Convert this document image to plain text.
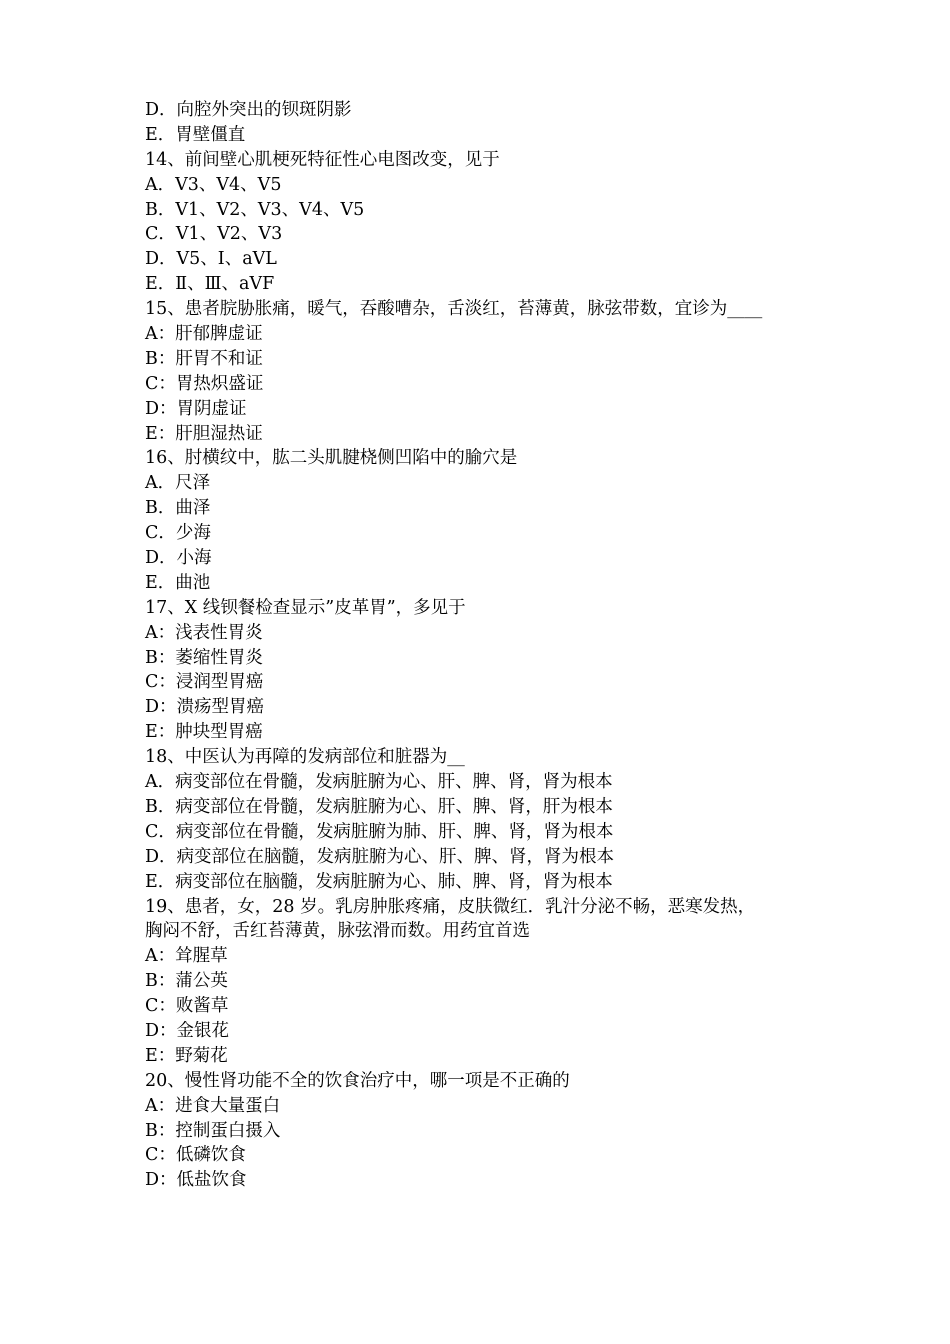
D．向腔外突出的钡斑阴影
E．胃壁僵直
14、前间壁心肌梗死特征性心电图改变，见于
A．Ⅴ3、Ⅴ4、Ⅴ5
B．Ⅴ1、Ⅴ2、Ⅴ3、Ⅴ4、Ⅴ5
C．Ⅴ1、Ⅴ2、Ⅴ3
D．Ⅴ5、Ⅰ、aⅤL
E．Ⅱ、Ⅲ、aⅤF
15、患者脘胁胀痛，暖气，吞酸嘈杂，舌淡红，苔薄黄，脉弦带数，宜诊为____
A：肝郁脾虚证
B：肝胃不和证
C：胃热炽盛证
D：胃阴虚证
E：肝胆湿热证
16、肘横纹中，肱二头肌腱桡侧凹陷中的腧穴是
A．尺泽
B．曲泽
C．少海
D．小海
E．曲池
17、X 线钡餐检查显示”皮革胃”，多见于
A：浅表性胃炎
B：萎缩性胃炎
C：浸润型胃癌
D：溃疡型胃癌
E：肿块型胃癌
18、中医认为再障的发病部位和脏器为__
A．病变部位在骨髓，发病脏腑为心、肝、脾、肾，肾为根本
B．病变部位在骨髓，发病脏腑为心、肝、脾、肾，肝为根本
C．病变部位在骨髓，发病脏腑为肺、肝、脾、肾，肾为根本
D．病变部位在脑髓，发病脏腑为心、肝、脾、肾，肾为根本
E．病变部位在脑髓，发病脏腑为心、肺、脾、肾，肾为根本
19、患者，女，28 岁。乳房肿胀疼痛，皮肤微红．乳汁分泌不畅，恶寒发热，
胸闷不舒，舌红苔薄黄，脉弦滑而数。用药宜首选
A：耸腥草
B：蒲公英
C：败酱草
D：金银花
E：野菊花
20、慢性肾功能不全的饮食治疗中，哪一项是不正确的
A：进食大量蛋白
B：控制蛋白摄入
C：低磷饮食
D：低盐饮食
